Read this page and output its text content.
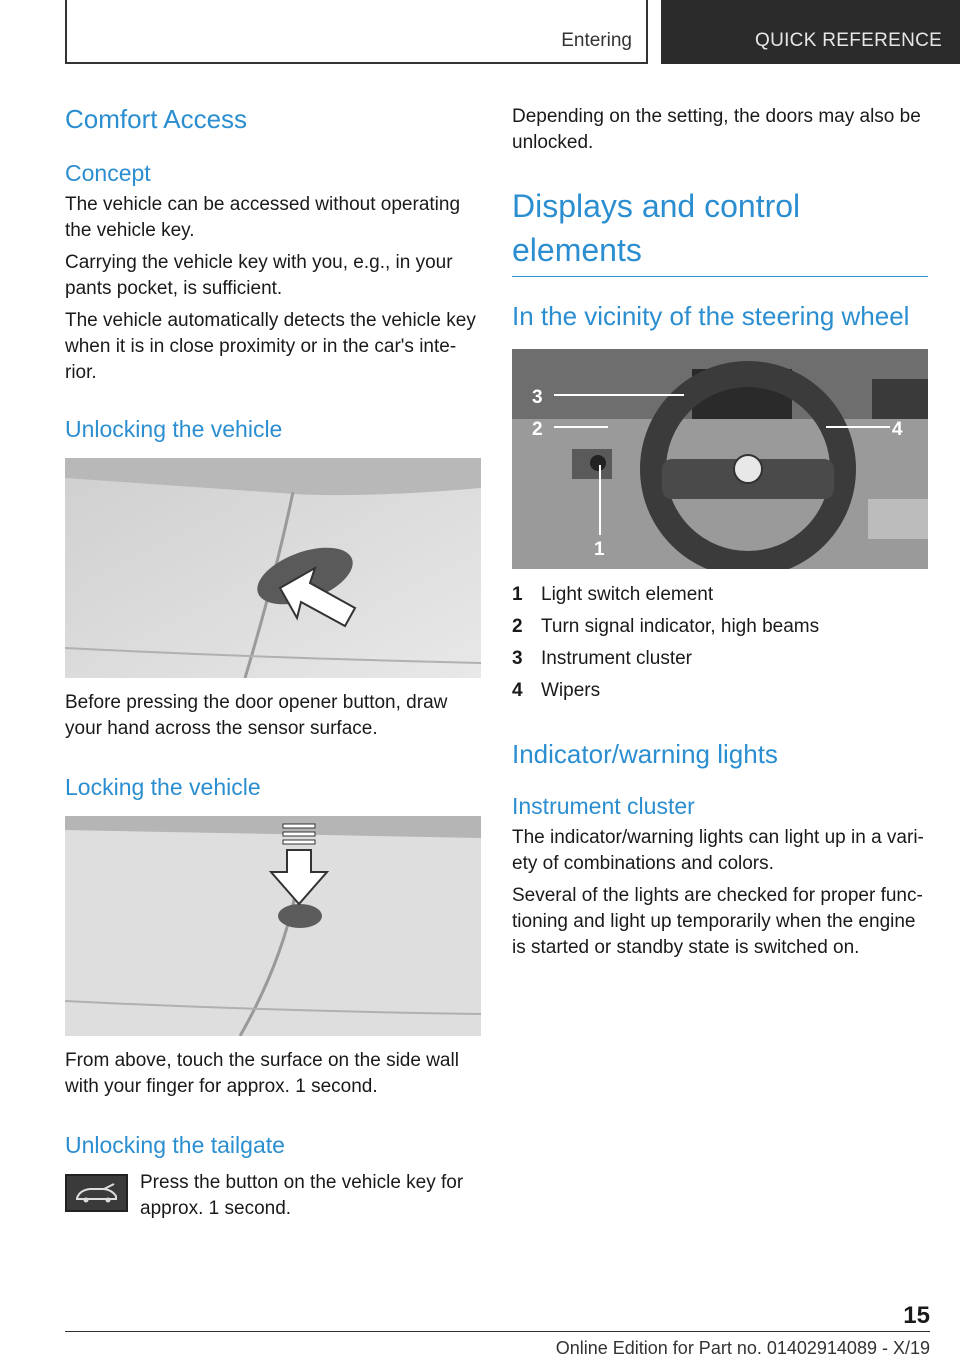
Entering	QUICK REFERENCE
Comfort Access
Concept

The vehicle can be accessed without operating the vehicle key.

Carrying the vehicle key with you, e.g., in your pants pocket, is sufficient.

The vehicle automatically detects the vehicle key when it is in close proximity or in the car's inte‐rior.

Unlocking the vehicle

Before pressing the door opener button, draw your hand across the sensor surface.

Locking the vehicle

From above, touch the surface on the side wall with your finger for approx. 1 second.

Unlocking the tailgate

Press the button on the vehicle key for approx. 1 second.

Depending on the setting, the doors may also be unlocked.

Displays and control elements
In the vicinity of the steering wheel
3
2	4
1
1 Light switch element
2 Turn signal indicator, high beams
3 Instrument cluster
4 Wipers
Indicator/warning lights
Instrument cluster

The indicator/warning lights can light up in a vari‐ety of combinations and colors.

Several of the lights are checked for proper func‐tioning and light up temporarily when the engine is started or standby state is switched on.

15
Online Edition for Part no. 01402914089 - X/19
